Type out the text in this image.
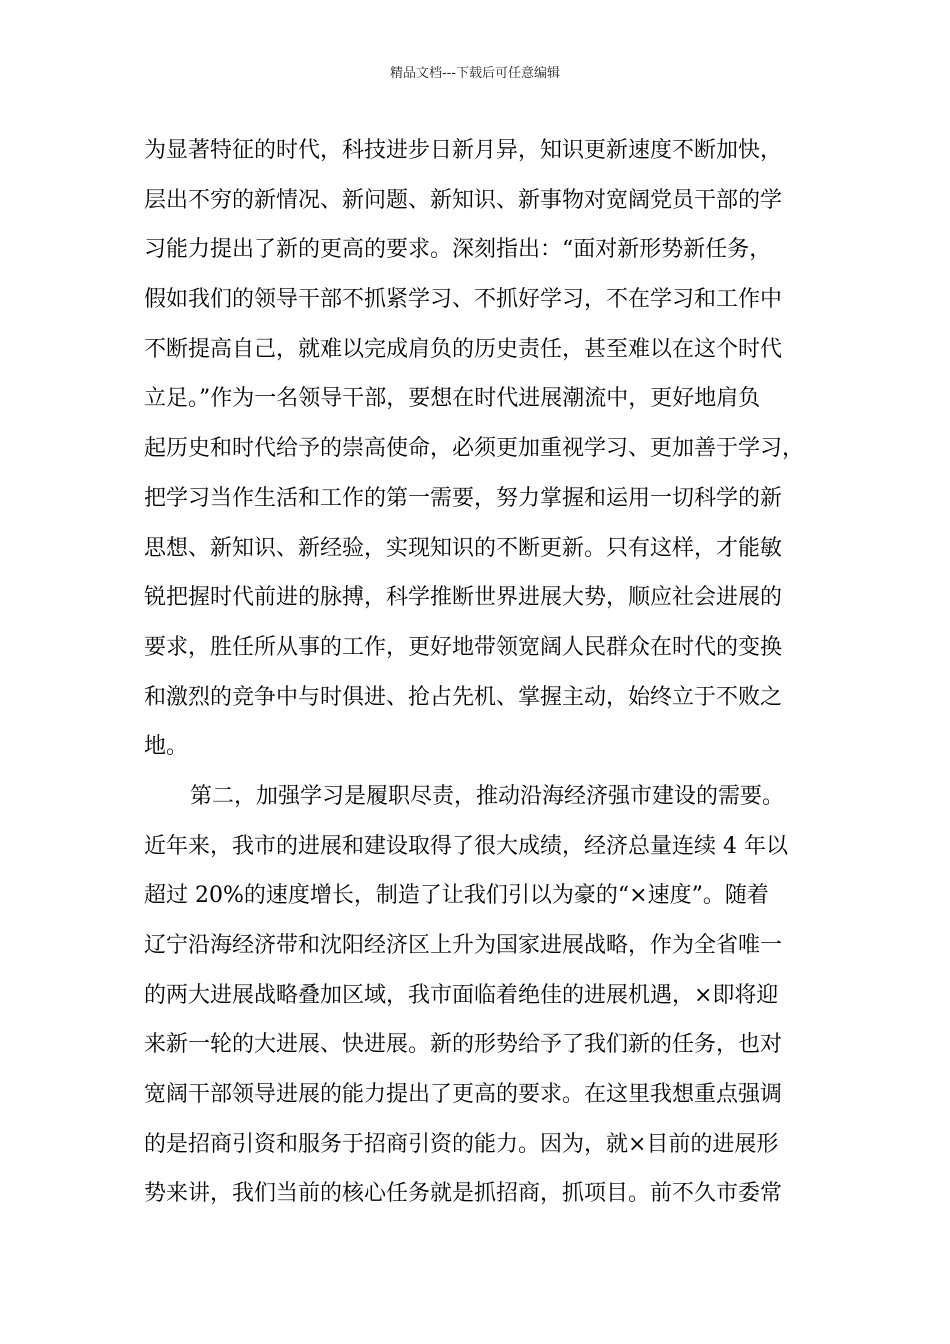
精品文档---下载后可任意编辑
为显著特征的时代，科技进步日新月异，知识更新速度不断加快，
层出不穷的新情况、新问题、新知识、新事物对宽阔党员干部的学
习能力提出了新的更高的要求。深刻指出：“面对新形势新任务，
假如我们的领导干部不抓紧学习、不抓好学习，不在学习和工作中
不断提高自己，就难以完成肩负的历史责任，甚至难以在这个时代
立足。”作为一名领导干部，要想在时代进展潮流中，更好地肩负
起历史和时代给予的崇高使命，必须更加重视学习、更加善于学习，
把学习当作生活和工作的第一需要，努力掌握和运用一切科学的新
思想、新知识、新经验，实现知识的不断更新。只有这样，才能敏
锐把握时代前进的脉搏，科学推断世界进展大势，顺应社会进展的
要求，胜任所从事的工作，更好地带领宽阔人民群众在时代的变换
和激烈的竞争中与时俱进、抢占先机、掌握主动，始终立于不败之
地。
第二，加强学习是履职尽责，推动沿海经济强市建设的需要。
近年来，我市的进展和建设取得了很大成绩，经济总量连续 4 年以
超过 20%的速度增长，制造了让我们引以为豪的“×速度”。随着
辽宁沿海经济带和沈阳经济区上升为国家进展战略，作为全省唯一
的两大进展战略叠加区域，我市面临着绝佳的进展机遇，×即将迎
来新一轮的大进展、快进展。新的形势给予了我们新的任务，也对
宽阔干部领导进展的能力提出了更高的要求。在这里我想重点强调
的是招商引资和服务于招商引资的能力。因为，就×目前的进展形
势来讲，我们当前的核心任务就是抓招商，抓项目。前不久市委常
